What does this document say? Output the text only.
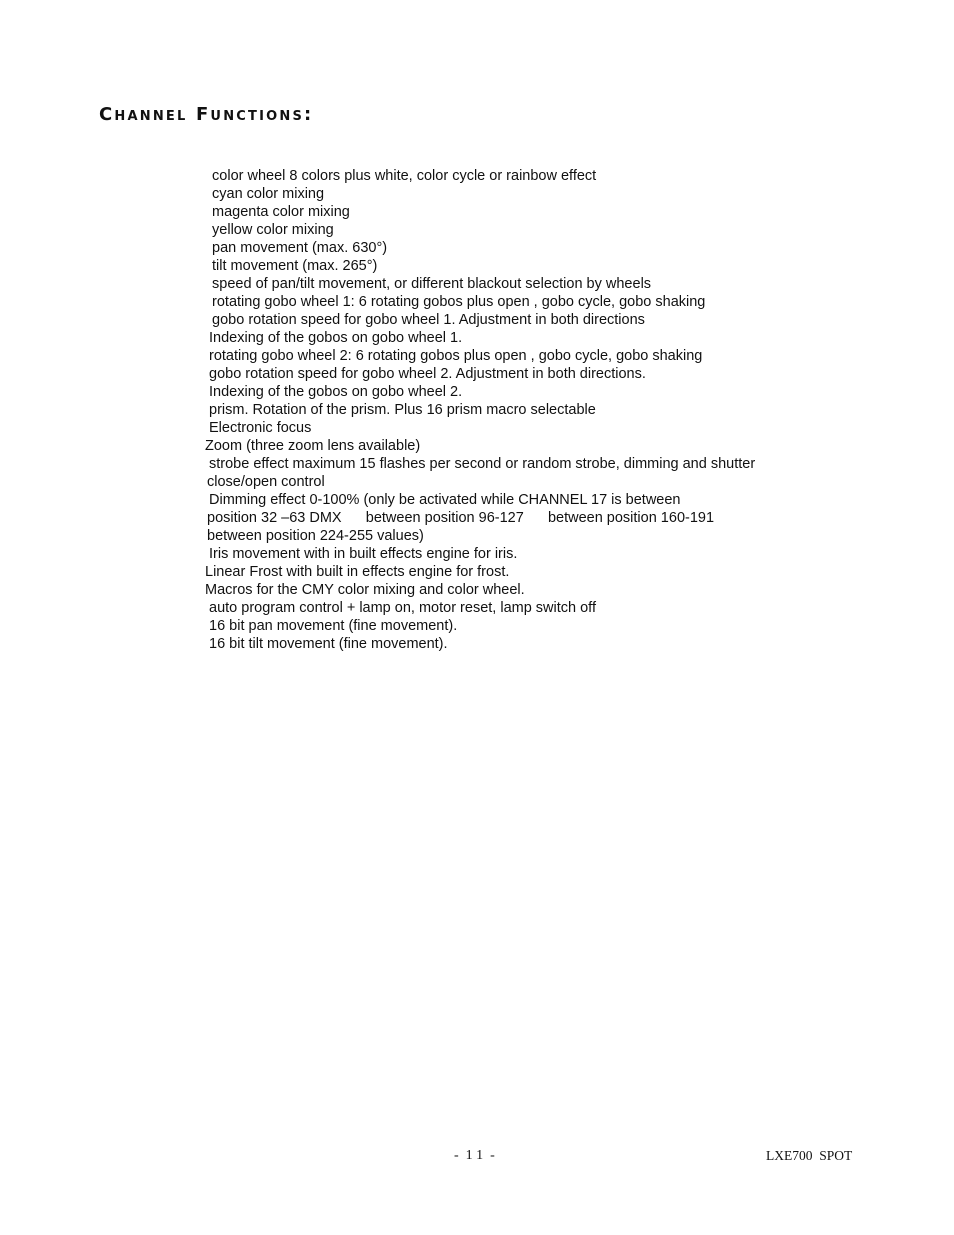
Channel Functions:
color wheel 8 colors plus white, color cycle or rainbow effect
cyan color mixing
magenta color mixing
yellow color mixing
pan movement (max. 630°)
tilt movement (max. 265°)
speed of pan/tilt movement, or different blackout selection by wheels
rotating gobo wheel 1: 6 rotating gobos plus open , gobo cycle, gobo shaking
gobo rotation speed for gobo wheel 1. Adjustment in both directions
Indexing of the gobos on gobo wheel 1.
rotating gobo wheel 2: 6 rotating gobos plus open , gobo cycle, gobo shaking
gobo rotation speed for gobo wheel 2. Adjustment in both directions.
Indexing of the gobos on gobo wheel 2.
prism. Rotation of the prism. Plus 16 prism macro selectable
Electronic focus
Zoom (three zoom lens available)
strobe effect maximum 15 flashes per second or random strobe, dimming and shutter
close/open control
Dimming effect 0-100% (only be activated while CHANNEL 17 is between
position 32 –63 DMX      between position 96-127      between position 160-191
between position 224-255 values)
Iris movement with in built effects engine for iris.
Linear Frost with built in effects engine for frost.
Macros for the CMY color mixing and color wheel.
auto program control + lamp on, motor reset, lamp switch off
16 bit pan movement (fine movement).
16 bit tilt movement (fine movement).
-  1 1  -	LXE700  SPOT
